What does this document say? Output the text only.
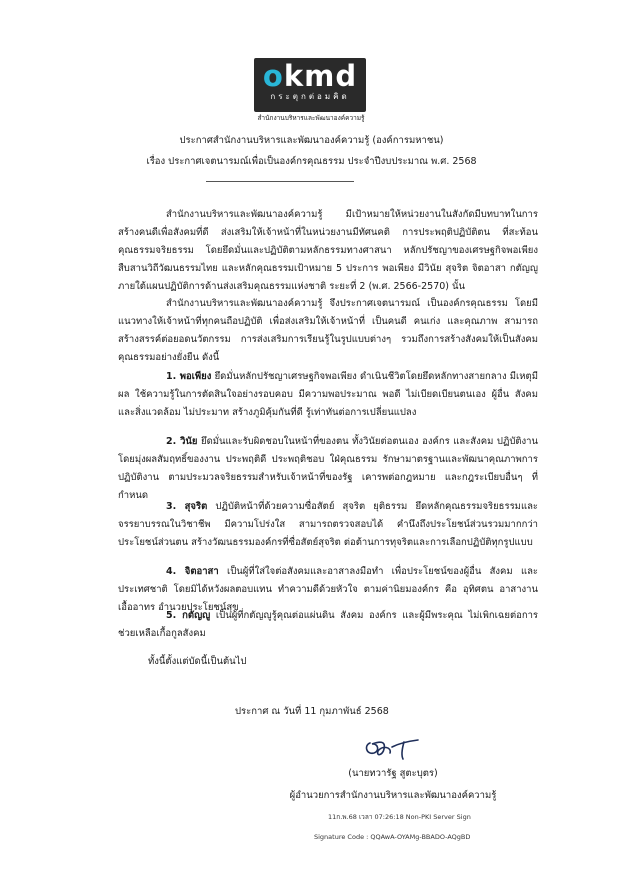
okmd
กระตุกต่อมคิด
สำนักงานบริหารและพัฒนาองค์ความรู้
ประกาศสำนักงานบริหารและพัฒนาองค์ความรู้ (องค์การมหาชน)
เรื่อง ประกาศเจตนารมณ์เพื่อเป็นองค์กรคุณธรรม ประจำปีงบประมาณ พ.ศ. 2568
สำนักงานบริหารและพัฒนาองค์ความรู้ มีเป้าหมายให้หน่วยงานในสังกัดมีบทบาทในการสร้างคนดีเพื่อสังคมที่ดี ส่งเสริมให้เจ้าหน้าที่ในหน่วยงานมีทัศนคติ การประพฤติปฏิบัติตน ที่สะท้อนคุณธรรมจริยธรรม โดยยึดมั่นและปฏิบัติตามหลักธรรมทางศาสนา หลักปรัชญาของเศรษฐกิจพอเพียง สืบสานวิถีวัฒนธรรมไทย และหลักคุณธรรมเป้าหมาย 5 ประการ พอเพียง มีวินัย สุจริต จิตอาสา กตัญญู ภายใต้แผนปฏิบัติการด้านส่งเสริมคุณธรรมแห่งชาติ ระยะที่ 2 (พ.ศ. 2566-2570) นั้น
สำนักงานบริหารและพัฒนาองค์ความรู้ จึงประกาศเจตนารมณ์ เป็นองค์กรคุณธรรม โดยมีแนวทางให้เจ้าหน้าที่ทุกคนถือปฏิบัติ เพื่อส่งเสริมให้เจ้าหน้าที่ เป็นคนดี คนเก่ง และคุณภาพ สามารถสร้างสรรค์ต่อยอดนวัตกรรม การส่งเสริมการเรียนรู้ในรูปแบบต่างๆ รวมถึงการสร้างสังคมให้เป็นสังคมคุณธรรมอย่างยั่งยืน ดังนี้
1. พอเพียง ยึดมั่นหลักปรัชญาเศรษฐกิจพอเพียง ดำเนินชีวิตโดยยึดหลักทางสายกลาง มีเหตุมีผล ใช้ความรู้ในการตัดสินใจอย่างรอบคอบ มีความพอประมาณ พอดี ไม่เบียดเบียนตนเอง ผู้อื่น สังคม และสิ่งแวดล้อม ไม่ประมาท สร้างภูมิคุ้มกันที่ดี รู้เท่าทันต่อการเปลี่ยนแปลง
2. วินัย ยึดมั่นและรับผิดชอบในหน้าที่ของตน ทั้งวินัยต่อตนเอง องค์กร และสังคม ปฏิบัติงานโดยมุ่งผลสัมฤทธิ์ของงาน ประพฤติดี ประพฤติชอบ ใฝ่คุณธรรม รักษามาตรฐานและพัฒนาคุณภาพการปฏิบัติงาน ตามประมวลจริยธรรมสำหรับเจ้าหน้าที่ของรัฐ เคารพต่อกฎหมาย และกฎระเบียบอื่นๆ ที่กำหนด
3. สุจริต ปฏิบัติหน้าที่ด้วยความซื่อสัตย์ สุจริต ยุติธรรม ยึดหลักคุณธรรมจริยธรรมและจรรยาบรรณในวิชาชีพ มีความโปร่งใส สามารถตรวจสอบได้ คำนึงถึงประโยชน์ส่วนรวมมากกว่าประโยชน์ส่วนตน สร้างวัฒนธรรมองค์กรที่ซื่อสัตย์สุจริต ต่อต้านการทุจริตและการเลือกปฏิบัติทุกรูปแบบ
4. จิตอาสา เป็นผู้ที่ใส่ใจต่อสังคมและอาสาลงมือทำ เพื่อประโยชน์ของผู้อื่น สังคม และประเทศชาติ โดยมิได้หวังผลตอบแทน ทำความดีด้วยหัวใจ ตามค่านิยมองค์กร คือ อุทิศตน อาสางาน เอื้ออาทร อำนวยประโยชน์สุข
5. กตัญญู เป็นผู้ที่กตัญญูรู้คุณต่อแผ่นดิน สังคม องค์กร และผู้มีพระคุณ ไม่เพิกเฉยต่อการช่วยเหลือเกื้อกูลสังคม
ทั้งนี้ตั้งแต่บัดนี้เป็นต้นไป
ประกาศ ณ วันที่ 11 กุมภาพันธ์ 2568
(นายทวารัฐ สูตะบุตร)
ผู้อำนวยการสำนักงานบริหารและพัฒนาองค์ความรู้
11ก.พ.68 เวลา 07:26:18 Non-PKI Server Sign
Signature Code : QQAwA-OYAMg-BBADO-AQgBD
